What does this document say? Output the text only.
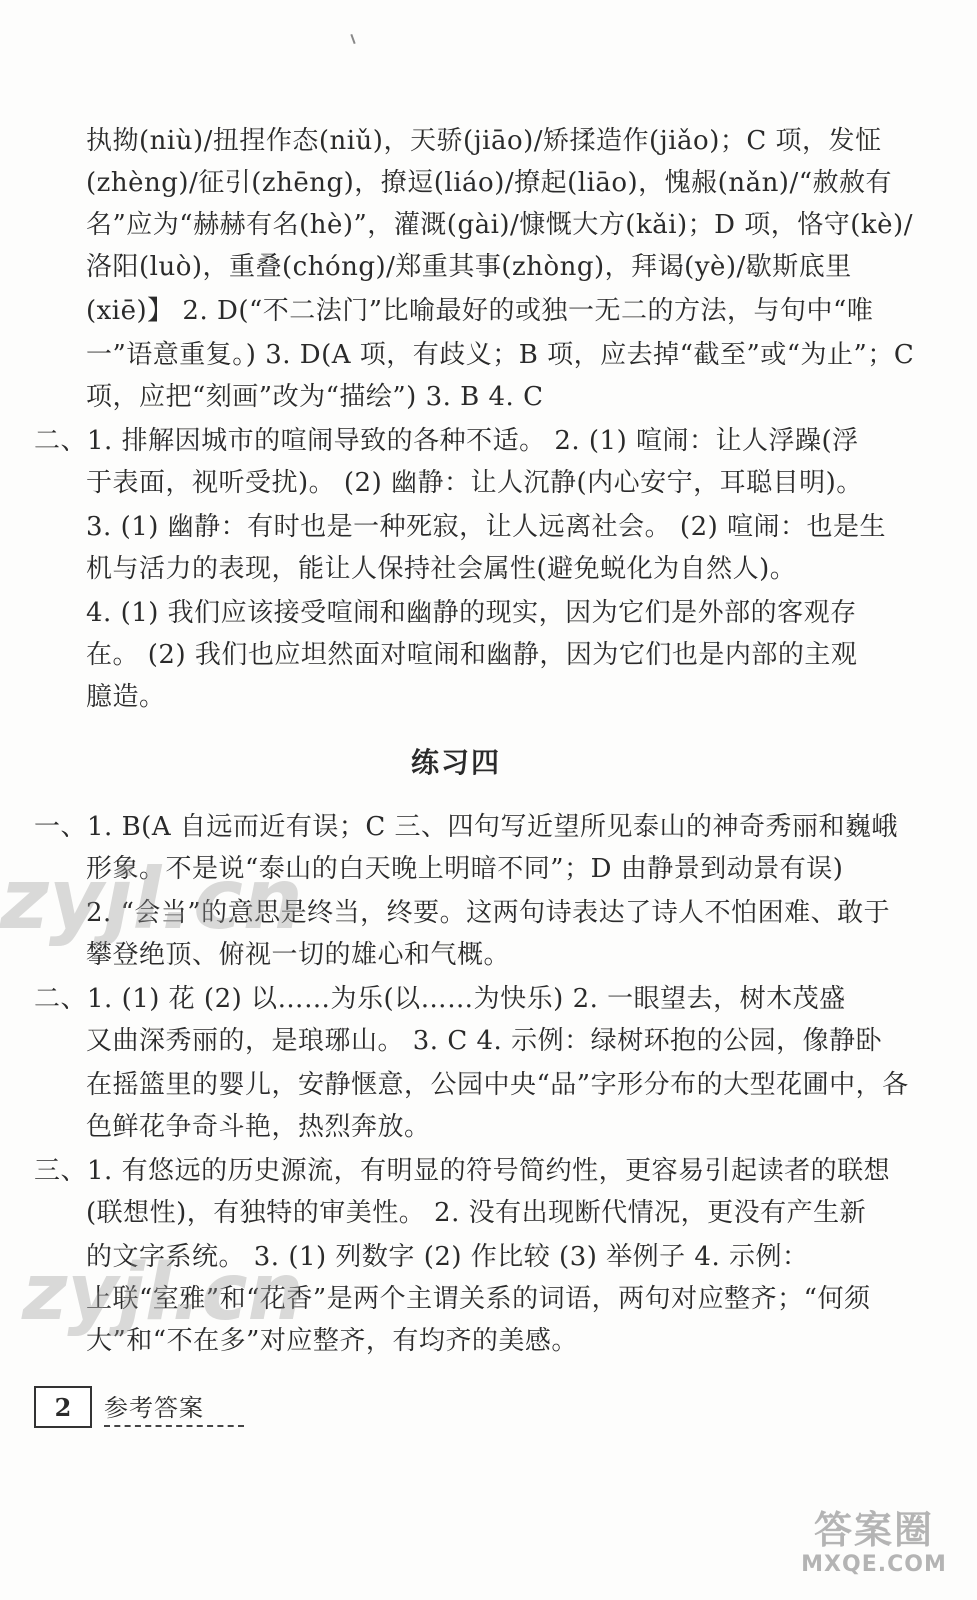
执拗(niù)/扭捏作态(niǔ)，天骄(jiāo)/矫揉造作(jiǎo)；C 项，发怔
(zhèng)/征引(zhēng)，撩逗(liáo)/撩起(liāo)，愧赧(nǎn)/“赦赦有
名”应为“赫赫有名(hè)”，灌溉(gài)/慷慨大方(kǎi)；D 项，恪守(kè)/
洛阳(luò)，重叠(chóng)/郑重其事(zhòng)，拜谒(yè)/歇斯底里
(xiē)】 2. D(“不二法门”比喻最好的或独一无二的方法，与句中“唯
一”语意重复。) 3. D(A 项，有歧义；B 项，应去掉“截至”或“为止”；C
项，应把“刻画”改为“描绘”) 3. B 4. C
二、1. 排解因城市的喧闹导致的各种不适。 2. (1) 喧闹：让人浮躁(浮
于表面，视听受扰)。 (2) 幽静：让人沉静(内心安宁，耳聪目明)。
3. (1) 幽静：有时也是一种死寂，让人远离社会。 (2) 喧闹：也是生
机与活力的表现，能让人保持社会属性(避免蜕化为自然人)。
4. (1) 我们应该接受喧闹和幽静的现实，因为它们是外部的客观存
在。 (2) 我们也应坦然面对喧闹和幽静，因为它们也是内部的主观
臆造。
练习四
一、1. B(A 自远而近有误；C 三、四句写近望所见泰山的神奇秀丽和巍峨
形象。不是说“泰山的白天晚上明暗不同”；D 由静景到动景有误)
2. “会当”的意思是终当，终要。这两句诗表达了诗人不怕困难、敢于
攀登绝顶、俯视一切的雄心和气概。
二、1. (1) 花 (2) 以……为乐(以……为快乐) 2. 一眼望去，树木茂盛
又曲深秀丽的，是琅琊山。 3. C 4. 示例：绿树环抱的公园，像静卧
在摇篮里的婴儿，安静惬意，公园中央“品”字形分布的大型花圃中，各
色鲜花争奇斗艳，热烈奔放。
三、1. 有悠远的历史源流，有明显的符号简约性，更容易引起读者的联想
(联想性)，有独特的审美性。 2. 没有出现断代情况，更没有产生新
的文字系统。 3. (1) 列数字 (2) 作比较 (3) 举例子 4. 示例：
上联“室雅”和“花香”是两个主谓关系的词语，两句对应整齐；“何须
大”和“不在多”对应整齐，有均齐的美感。
zyjl.cn
zyjl.cn
2	参考答案
答案圈
MXQE.COM
